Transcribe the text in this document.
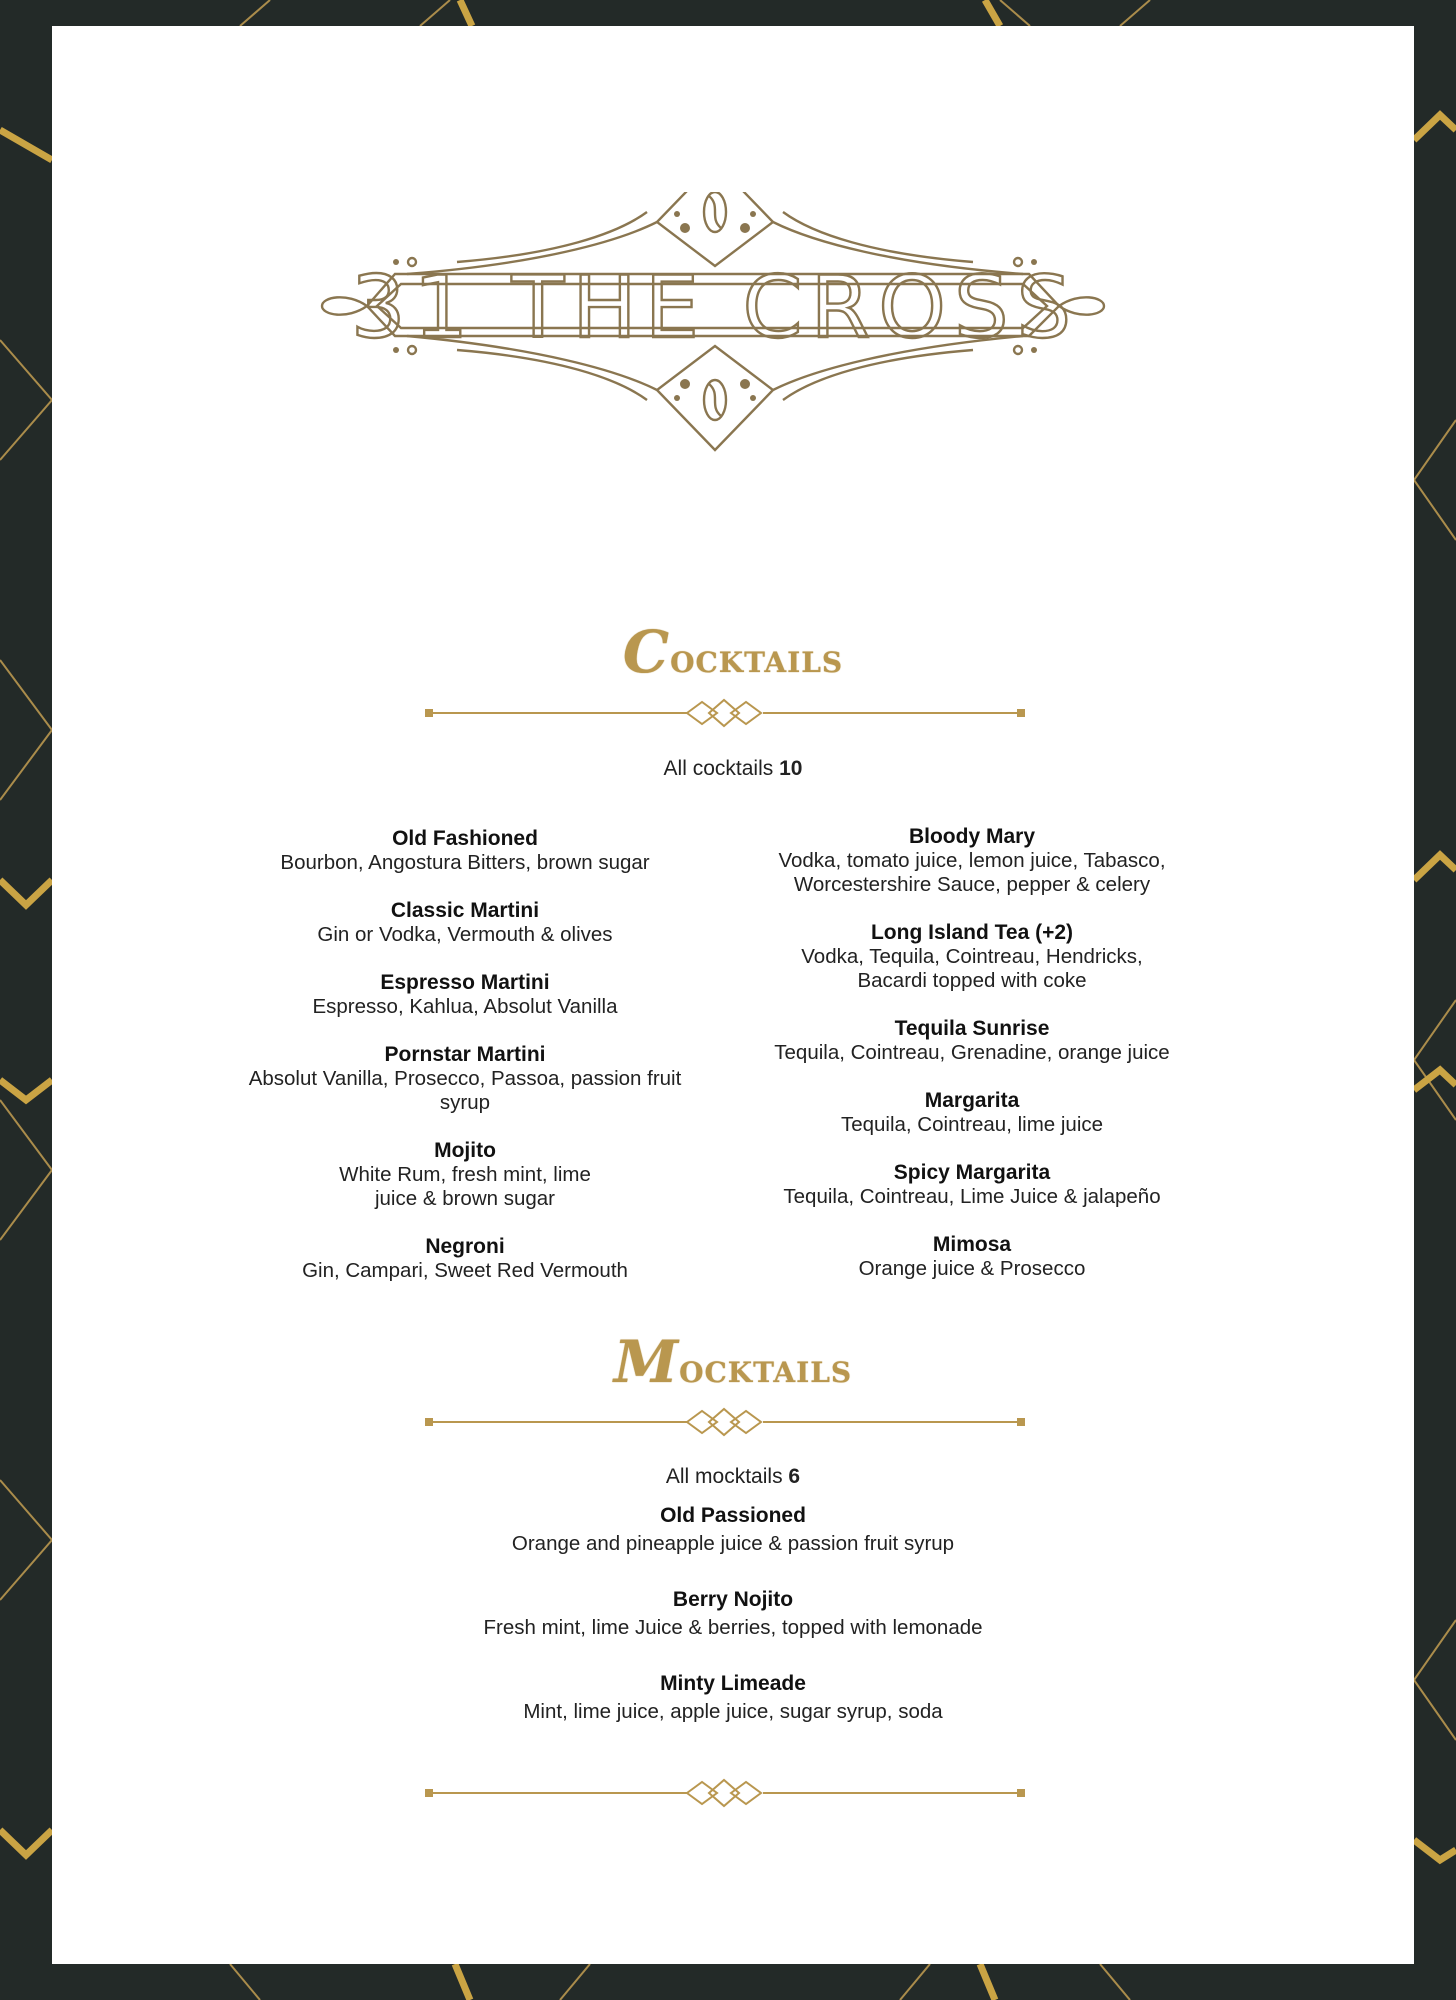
31 THE CROSS
Cocktails
All cocktails 10
Old Fashioned
Bourbon, Angostura Bitters, brown sugar
Classic Martini
Gin or Vodka, Vermouth & olives
Espresso Martini
Espresso, Kahlua, Absolut Vanilla
Pornstar Martini
Absolut Vanilla, Prosecco, Passoa, passion fruit syrup
Mojito
White Rum, fresh mint, lime juice & brown sugar
Negroni
Gin, Campari, Sweet Red Vermouth
Bloody Mary
Vodka, tomato juice, lemon juice, Tabasco, Worcestershire Sauce, pepper & celery
Long Island Tea (+2)
Vodka, Tequila, Cointreau, Hendricks, Bacardi topped with coke
Tequila Sunrise
Tequila, Cointreau, Grenadine, orange juice
Margarita
Tequila, Cointreau, lime juice
Spicy Margarita
Tequila, Cointreau, Lime Juice & jalapeño
Mimosa
Orange juice & Prosecco
Mocktails
All mocktails 6
Old Passioned
Orange and pineapple juice & passion fruit syrup
Berry Nojito
Fresh mint, lime Juice & berries, topped with lemonade
Minty Limeade
Mint, lime juice, apple juice, sugar syrup, soda
